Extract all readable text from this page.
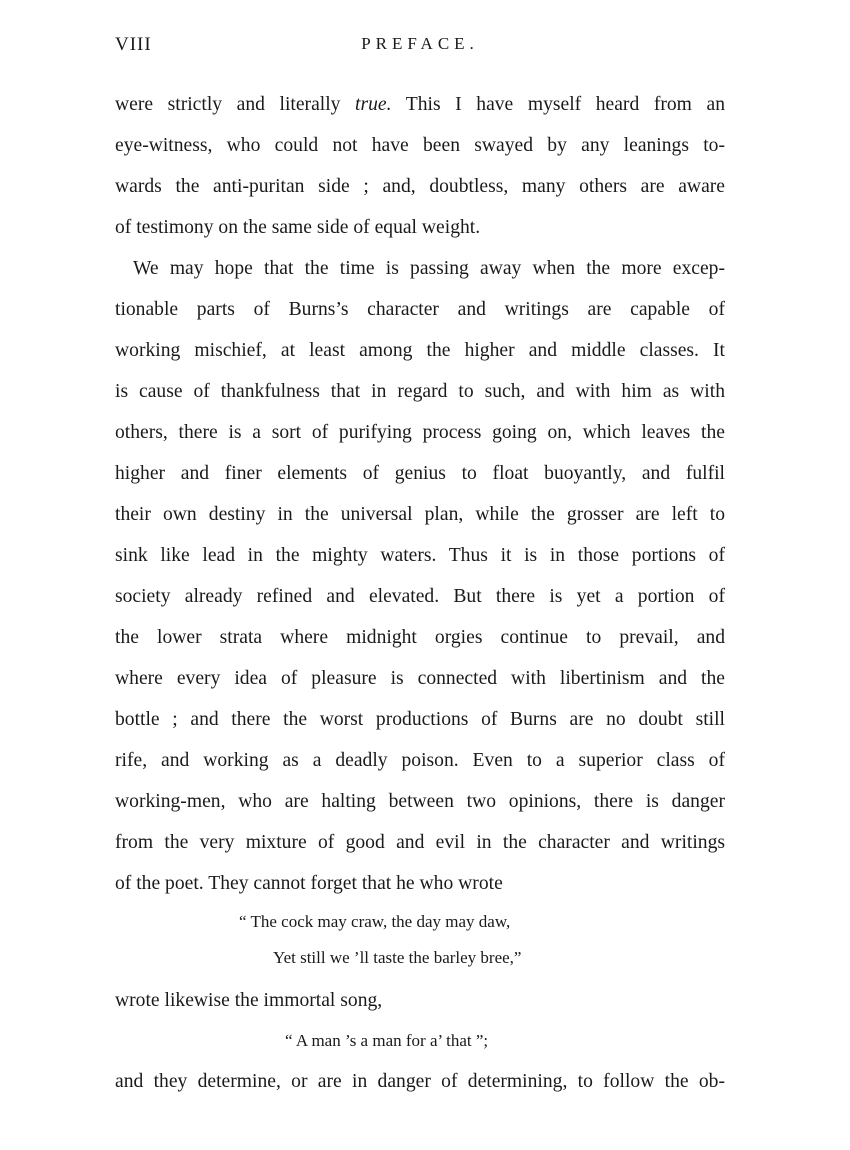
VIII	PREFACE.
were strictly and literally true. This I have myself heard from an
eye-witness, who could not have been swayed by any leanings to-
wards the anti-puritan side ; and, doubtless, many others are aware
of testimony on the same side of equal weight.
We may hope that the time is passing away when the more excep-
tionable parts of Burns’s character and writings are capable of
working mischief, at least among the higher and middle classes. It
is cause of thankfulness that in regard to such, and with him as with
others, there is a sort of purifying process going on, which leaves the
higher and finer elements of genius to float buoyantly, and fulfil
their own destiny in the universal plan, while the grosser are left to
sink like lead in the mighty waters. Thus it is in those portions of
society already refined and elevated. But there is yet a portion of
the lower strata where midnight orgies continue to prevail, and
where every idea of pleasure is connected with libertinism and the
bottle ; and there the worst productions of Burns are no doubt still
rife, and working as a deadly poison. Even to a superior class of
working-men, who are halting between two opinions, there is danger
from the very mixture of good and evil in the character and writings
of the poet. They cannot forget that he who wrote
“ The cock may craw, the day may daw,
Yet still we ’ll taste the barley bree,”
wrote likewise the immortal song,
“ A man ’s a man for a’ that ”;
and they determine, or are in danger of determining, to follow the ob-
